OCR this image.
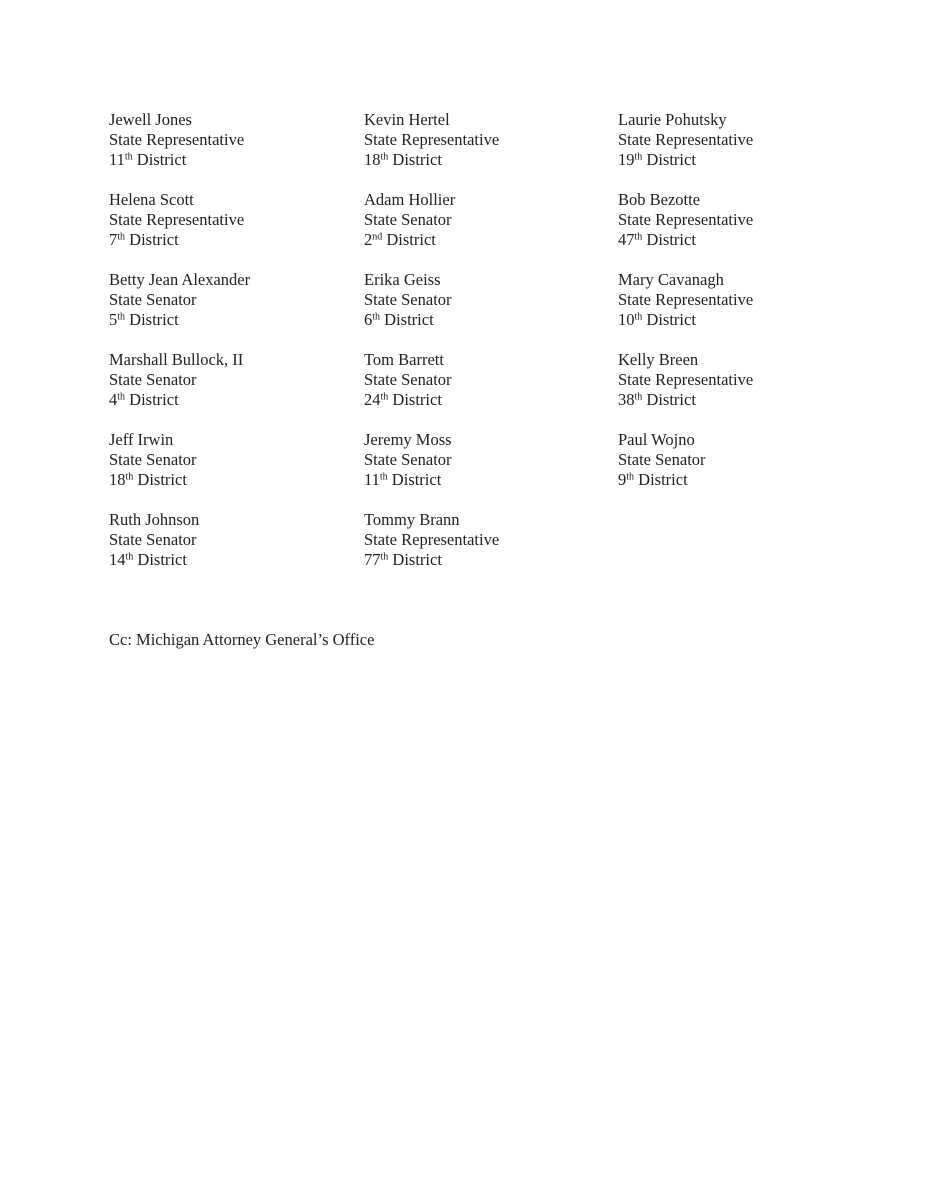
Jewell Jones
State Representative
11th District
Kevin Hertel
State Representative
18th District
Laurie Pohutsky
State Representative
19th District
Helena Scott
State Representative
7th District
Adam Hollier
State Senator
2nd District
Bob Bezotte
State Representative
47th District
Betty Jean Alexander
State Senator
5th District
Erika Geiss
State Senator
6th District
Mary Cavanagh
State Representative
10th District
Marshall Bullock, II
State Senator
4th District
Tom Barrett
State Senator
24th District
Kelly Breen
State Representative
38th District
Jeff Irwin
State Senator
18th District
Jeremy Moss
State Senator
11th District
Paul Wojno
State Senator
9th District
Ruth Johnson
State Senator
14th District
Tommy Brann
State Representative
77th District
Cc: Michigan Attorney General’s Office
